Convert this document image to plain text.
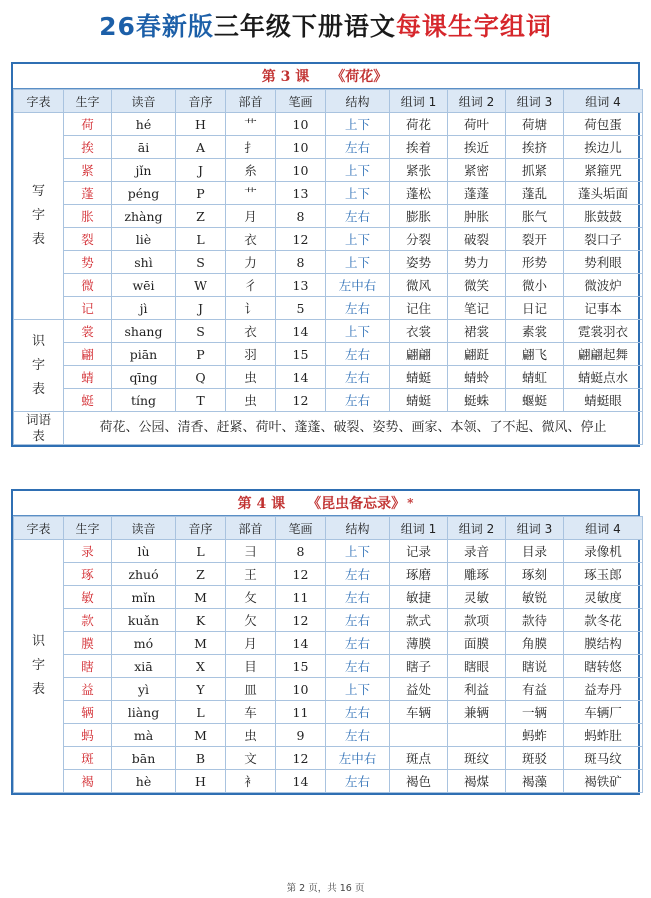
26春新版 三年级下册语文 每课生字组词
第 3 课 《荷花》
字表	生字	读音	音序	部首	笔画	结构	组词 1	组词 2	组词 3	组词 4

写
字
表	荷	hé	H	艹	10	上下	荷花	荷叶	荷塘	荷包蛋
	挨	āi	A	扌	10	左右	挨着	挨近	挨挤	挨边儿
	紧	jǐn	J	糸	10	上下	紧张	紧密	抓紧	紧箍咒
	蓬	péng	P	艹	13	上下	蓬松	蓬蓬	蓬乱	蓬头垢面
	胀	zhàng	Z	月	8	左右	膨胀	肿胀	胀气	胀鼓鼓
	裂	liè	L	衣	12	上下	分裂	破裂	裂开	裂口子
	势	shì	S	力	8	上下	姿势	势力	形势	势利眼
	微	wēi	W	彳	13	左中右	微风	微笑	微小	微波炉
	记	jì	J	讠	5	左右	记住	笔记	日记	记事本

识
字
表	裳	shang	S	衣	14	上下	衣裳	裙裳	素裳	霓裳羽衣
	翩	piān	P	羽	15	左右	翩翩	翩跹	翩飞	翩翩起舞
	蜻	qīng	Q	虫	14	左右	蜻蜓	蜻蛉	蜻虹	蜻蜓点水
	蜓	tíng	T	虫	12	左右	蜻蜓	蜓蛛	蝘蜓	蜻蜓眼

词语
表	荷花、公园、清香、赶紧、荷叶、蓬蓬、破裂、姿势、画家、本领、了不起、微风、停止									
第 4 课 《昆虫备忘录》 *
字表	生字	读音	音序	部首	笔画	结构	组词 1	组词 2	组词 3	组词 4

识
字
表	录	lù	L	彐	8	上下	记录	录音	目录	录像机
	琢	zhuó	Z	王	12	左右	琢磨	雕琢	琢刻	琢玉郎
	敏	mǐn	M	攵	11	左右	敏捷	灵敏	敏锐	灵敏度
	款	kuǎn	K	欠	12	左右	款式	款项	款待	款冬花
	膜	mó	M	月	14	左右	薄膜	面膜	角膜	膜结构
	瞎	xiā	X	目	15	左右	瞎子	瞎眼	瞎说	瞎转悠
	益	yì	Y	皿	10	上下	益处	利益	有益	益寿丹
	辆	liàng	L	车	11	左右	车辆	兼辆	一辆	车辆厂
	蚂	mà	M	虫	9	左右			蚂蚱	蚂蚱肚
	斑	bān	B	文	12	左中右	斑点	斑纹	斑驳	斑马纹
	褐	hè	H	衤	14	左右	褐色	褐煤	褐藻	褐铁矿
第 2 页，共 16 页
